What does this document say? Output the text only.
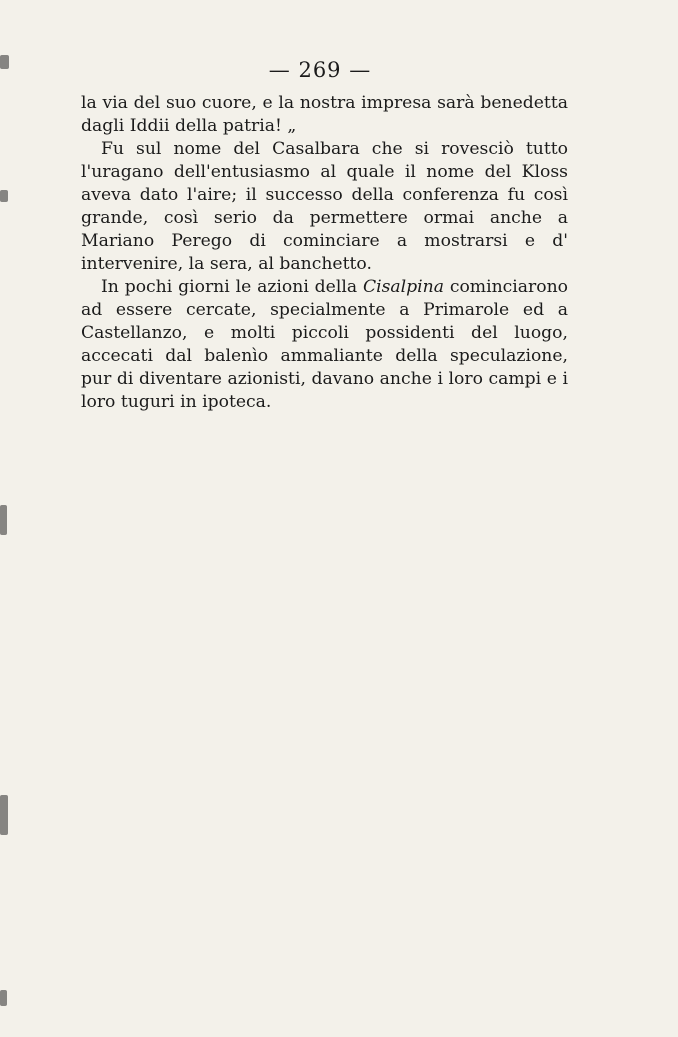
— 269 —

la via del suo cuore, e la nostra impresa sarà benedetta dagli Iddii della patria! „

Fu sul nome del Casalbara che si rovesciò tutto l'uragano dell'entusiasmo al quale il nome del Kloss aveva dato l'aire; il successo della conferenza fu così grande, così serio da permettere ormai anche a Mariano Perego di cominciare a mostrarsi e d' intervenire, la sera, al banchetto.

In pochi giorni le azioni della Cisalpina cominciarono ad essere cercate, specialmente a Primarole ed a Castellanzo, e molti piccoli possidenti del luogo, accecati dal balenìo ammaliante della speculazione, pur di diventare azionisti, davano anche i loro campi e i loro tuguri in ipoteca.
